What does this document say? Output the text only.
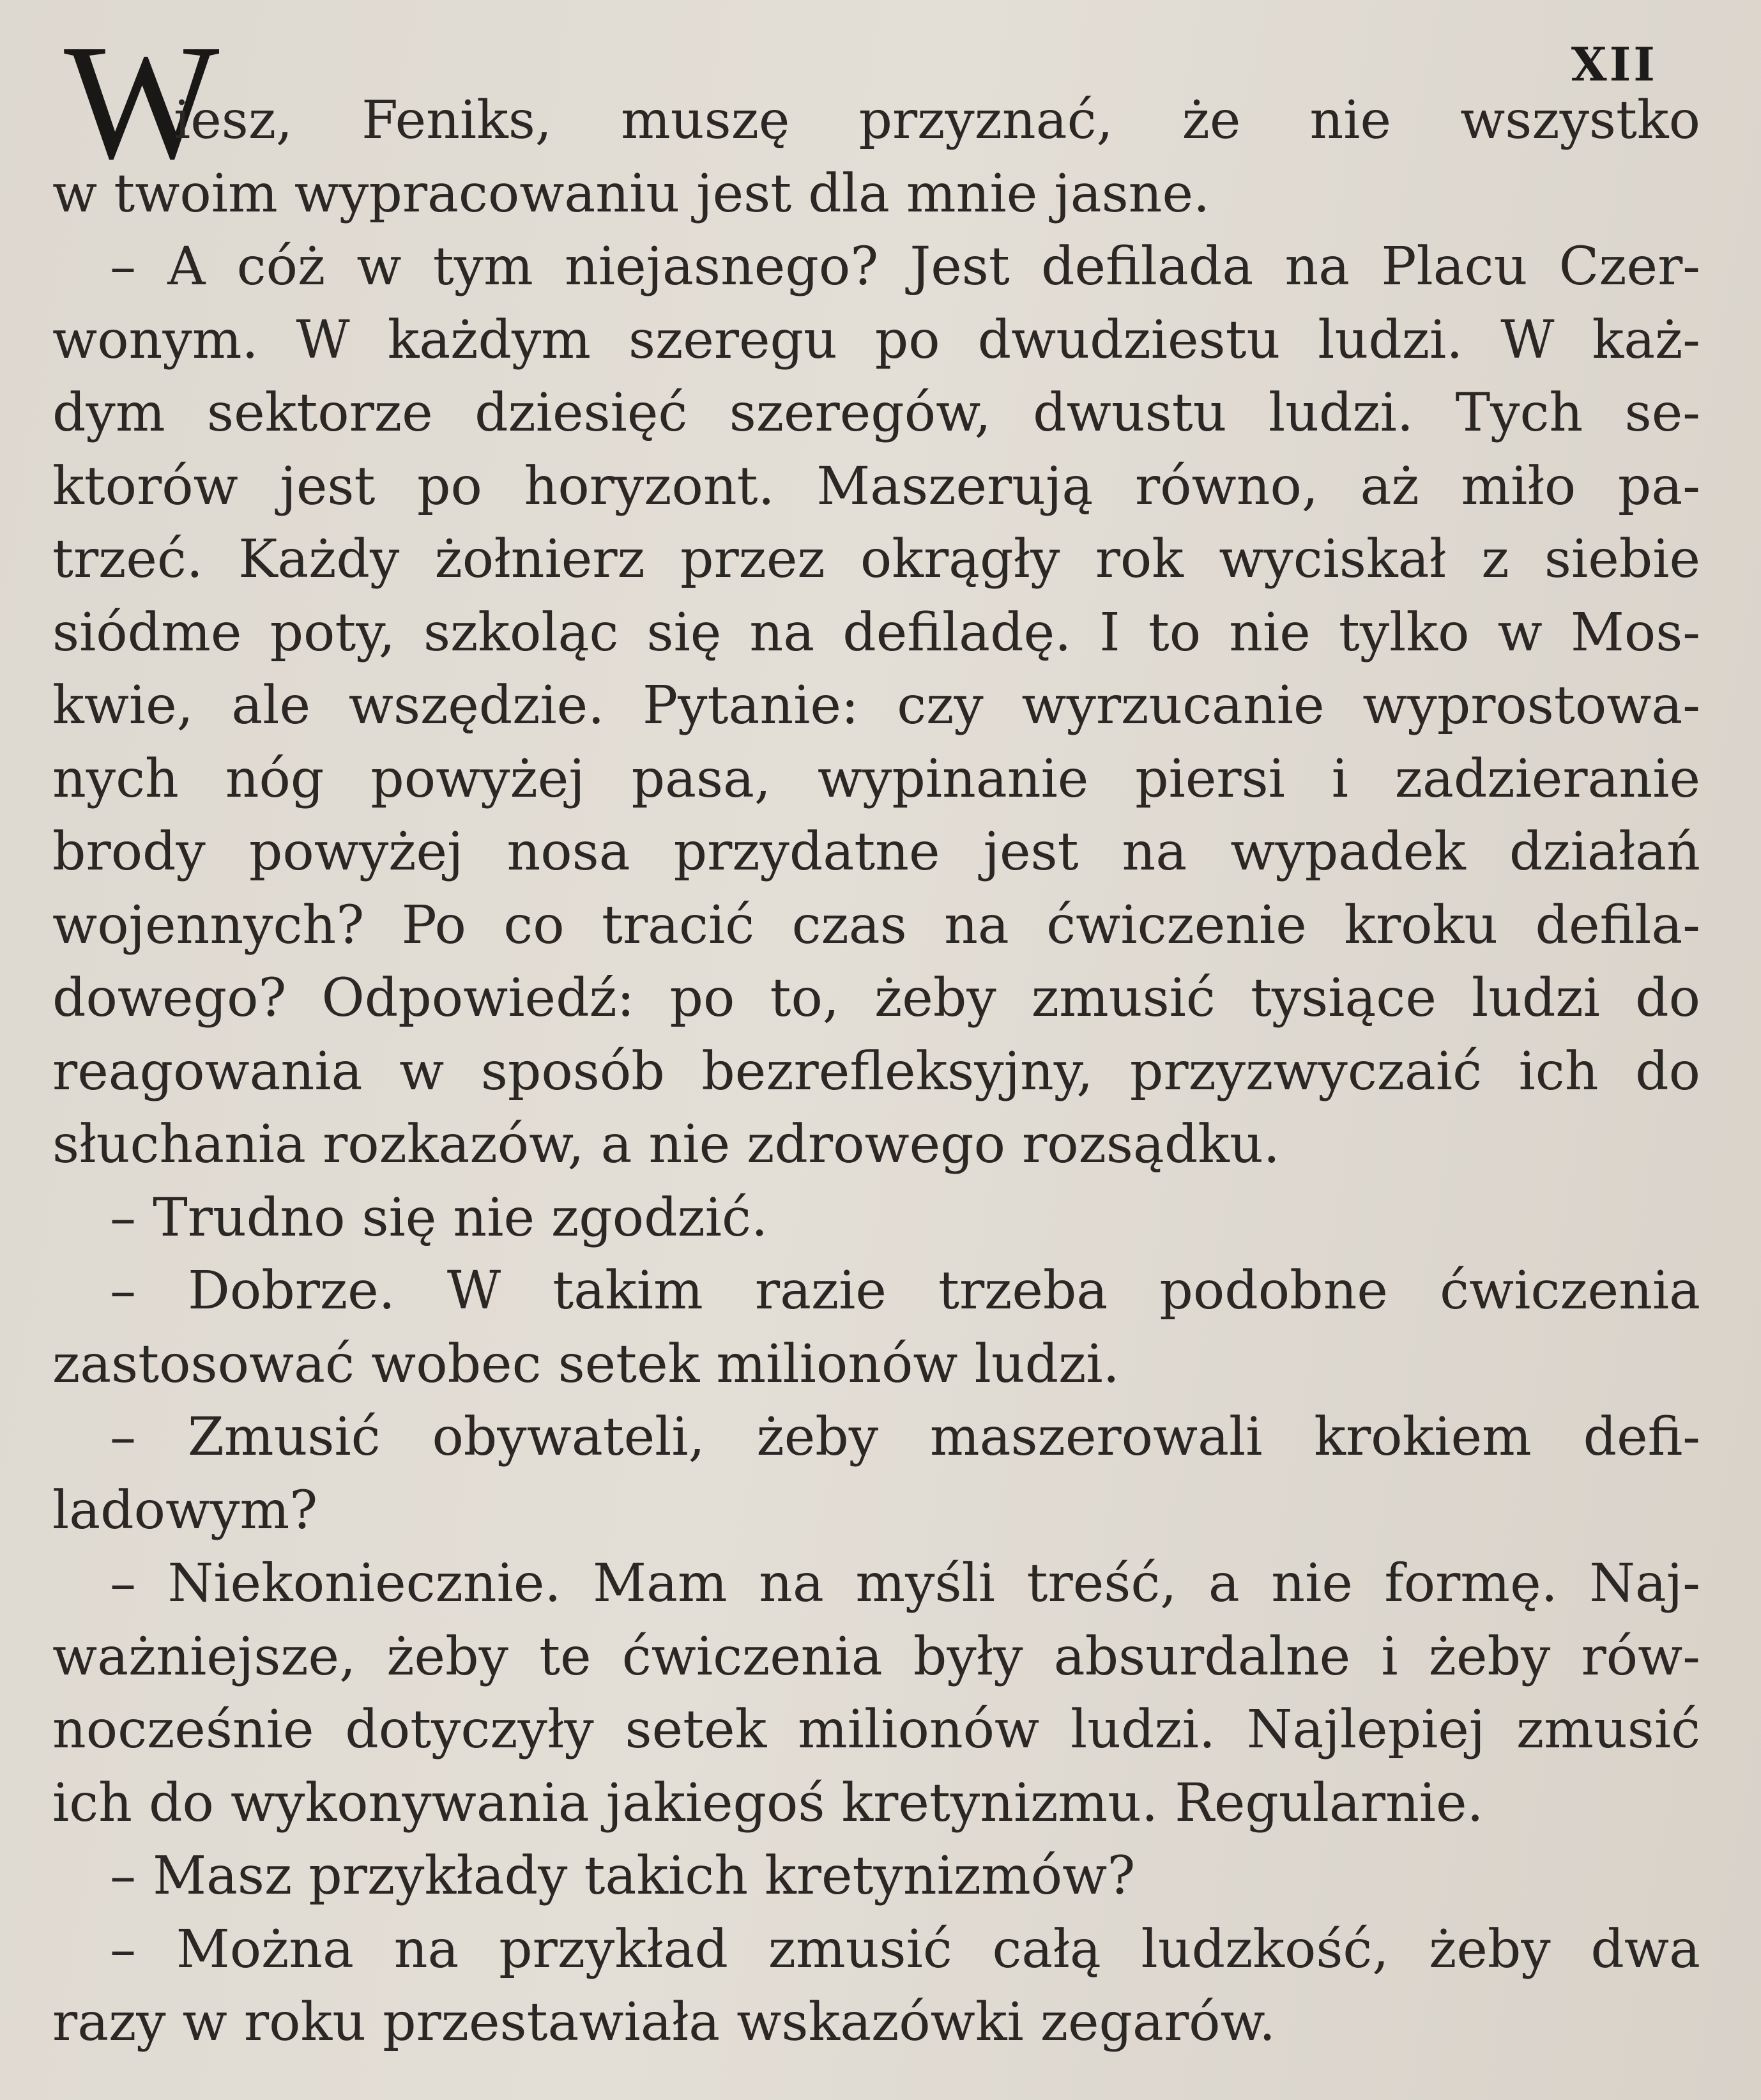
XII
W
iesz, Feniks, muszę przyznać, że nie wszystko
w twoim wypracowaniu jest dla mnie jasne.
– A cóż w tym niejasnego? Jest defilada na Placu Czer-
wonym. W każdym szeregu po dwudziestu ludzi. W każ-
dym sektorze dziesięć szeregów, dwustu ludzi. Tych se-
ktorów jest po horyzont. Maszerują równo, aż miło pa-
trzeć. Każdy żołnierz przez okrągły rok wyciskał z siebie
siódme poty, szkoląc się na defiladę. I to nie tylko w Mos-
kwie, ale wszędzie. Pytanie: czy wyrzucanie wyprostowa-
nych nóg powyżej pasa, wypinanie piersi i zadzieranie
brody powyżej nosa przydatne jest na wypadek działań
wojennych? Po co tracić czas na ćwiczenie kroku defila-
dowego? Odpowiedź: po to, żeby zmusić tysiące ludzi do
reagowania w sposób bezrefleksyjny, przyzwyczaić ich do
słuchania rozkazów, a nie zdrowego rozsądku.
– Trudno się nie zgodzić.
– Dobrze. W takim razie trzeba podobne ćwiczenia
zastosować wobec setek milionów ludzi.
– Zmusić obywateli, żeby maszerowali krokiem defi-
ladowym?
– Niekoniecznie. Mam na myśli treść, a nie formę. Naj-
ważniejsze, żeby te ćwiczenia były absurdalne i żeby rów-
nocześnie dotyczyły setek milionów ludzi. Najlepiej zmusić
ich do wykonywania jakiegoś kretynizmu. Regularnie.
– Masz przykłady takich kretynizmów?
– Można na przykład zmusić całą ludzkość, żeby dwa
razy w roku przestawiała wskazówki zegarów.
